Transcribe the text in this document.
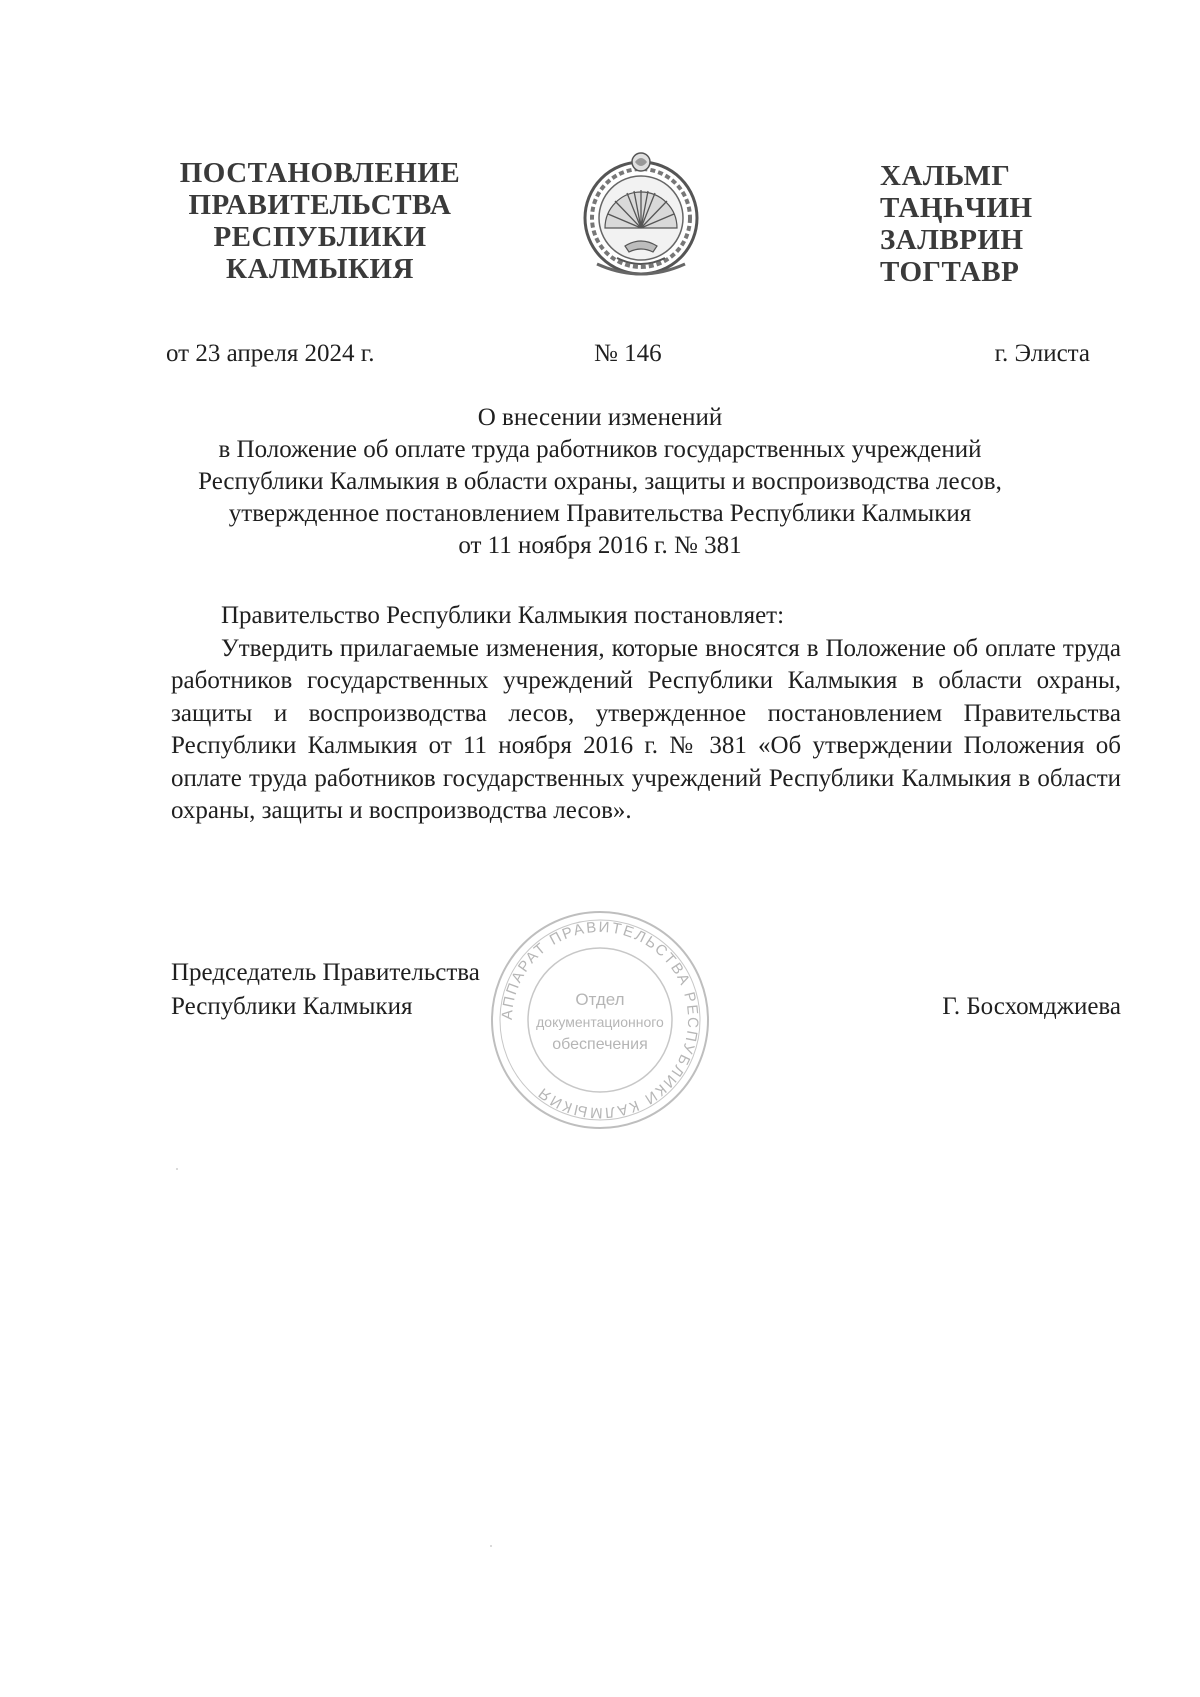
ПОСТАНОВЛЕНИЕ
ПРАВИТЕЛЬСТВА
РЕСПУБЛИКИ
КАЛМЫКИЯ
ХАЛЬМГ
ТАҢҺЧИН
ЗАЛВРИН
ТОГТАВР
от 23 апреля 2024 г.	№ 146	г. Элиста
О внесении изменений
в Положение об оплате труда работников государственных учреждений
Республики Калмыкия в области охраны, защиты и воспроизводства лесов,
утвержденное постановлением Правительства Республики Калмыкия
от 11 ноября 2016 г. № 381

Правительство Республики Калмыкия постановляет:

Утвердить прилагаемые изменения, которые вносятся в Положение об оплате труда работников государственных учреждений Республики Калмыкия в области охраны, защиты и воспроизводства лесов, утвержденное постановлением Правительства Республики Калмыкия от 11 ноября 2016 г. № 381 «Об утверждении Положения об оплате труда работников государственных учреждений Республики Калмыкия в области охраны, защиты и воспроизводства лесов».

АППАРАТ ПРАВИТЕЛЬСТВА РЕСПУБЛИКИ КАЛМЫКИЯ
Отдел
документационного
обеспечения
Председатель Правительства
Республики Калмыкия	Г. Босхомджиева
